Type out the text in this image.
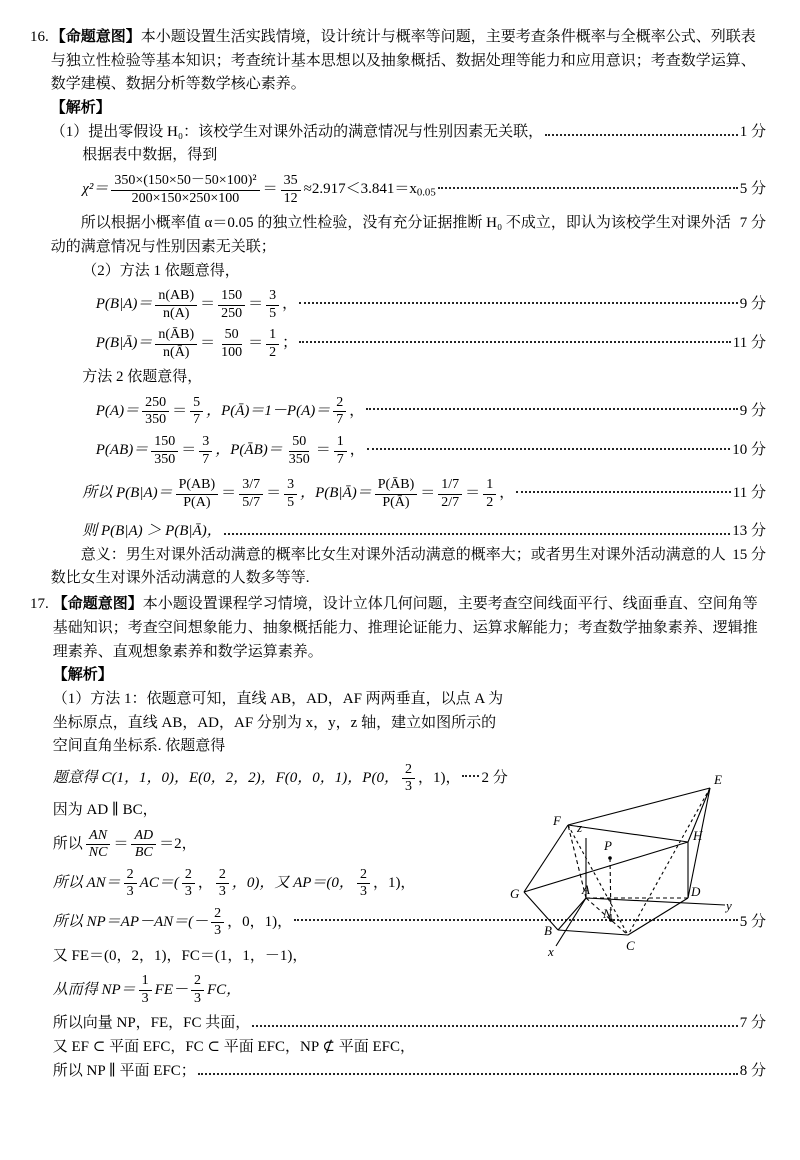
16. 【命题意图】本小题设置生活实践情境，设计统计与概率等问题，主要考查条件概率与全概率公式、列联表与独立性检验等基本知识；考查统计基本思想以及抽象概括、数据处理等能力和应用意识；考查数学运算、数学建模、数据分析等数学核心素养。
【解析】
（1）提出零假设 H₀：该校学生对课外活动的满意情况与性别因素无关联，	1 分
根据表中数据，得到
$\chi^2= \frac{\text{350×(150×50－50×100)²}}{200\times 150\times 250\times 100} = \frac{35}{12} \approx 2.917<3.841=x_{0.05}$	5 分
所以根据小概率值 α＝0.05 的独立性检验，没有充分证据推断 H₀ 不成立，即认为该校学生对课外活动的满意情况与性别因素无关联；
7 分
（2）方法 1 依题意得，
$P(B|A)= \frac{n(AB)}{n(A)} = \frac{150}{250} = \frac{3}{5}$ ，	9 分
P(B|Ā)＝ $\frac{n(ĀB)}{n(Ā)} = \frac{50}{100} = \frac{1}{2}$ ；	11 分
方法 2 依题意得，
$P(A)= \frac{250}{350} = \frac{5}{7}$ ，P(Ā)＝1－P(A)＝ $\frac{2}{7}$ ，	9 分
$P(AB)= \frac{150}{350} = \frac{3}{7}$ ，P(ĀB)＝ $\frac{50}{350} = \frac{1}{7}$ ，	10 分
所以 $P(B|A)= \frac{P(AB)}{P(A)} = \frac{3/7}{5/7} = \frac{3}{5}$ ，P(B|Ā)＝ $\frac{P(ĀB)}{P(Ā)} = \frac{1/7}{2/7} = \frac{1}{2}$ ，	11 分
则 P(B|A) ＞ P(B|Ā)，	13 分
意义：男生对课外活动满意的概率比女生对课外活动满意的概率大；或者男生对课外活动满意的人数比女生对课外活动满意的人数多等等.
15 分
17. 【命题意图】本小题设置课程学习情境，设计立体几何问题，主要考查空间线面平行、线面垂直、空间角等基础知识；考查空间想象能力、抽象概括能力、推理论证能力、运算求解能力；考查数学抽象素养、逻辑推理素养、直观想象素养和数学运算素养。
【解析】
（1）方法 1：依题意可知，直线 AB，AD，AF 两两垂直，以点 A 为坐标原点，直线 AB，AD，AF 分别为 x，y，z 轴，建立如图所示的空间直角坐标系. 依题意得
题意得 C(1，1，0)，E(0，2，2)，F(0，0，1)，P(0， $\frac{2}{3}$ ，1)， 2 分
因为 AD ∥ BC，
所以 $\frac{AN}{NC} = \frac{AD}{BC} =2$，
所以 $AN= \frac{2}{3} AC=( \frac{2}{3}$ ， $\frac{2}{3}$ ，0)，又 AP＝(0， $\frac{2}{3}$ ，1)，
所以 $NP=AP-AN=(- \frac{2}{3}$ ，0，1)，	5 分
又 FE＝(0，2，1)，FC＝(1，1，－1)，
从而得 $NP= \frac{1}{3} FE- \frac{2}{3}$ FC，
所以向量 NP，FE，FC 共面，	7 分
又 EF ⊂ 平面 EFC，FC ⊂ 平面 EFC，NP ⊄ 平面 EFC，
所以 NP ∥ 平面 EFC；	8 分
E
z
F
P
H
G	A	D
N
y
B
C
x
